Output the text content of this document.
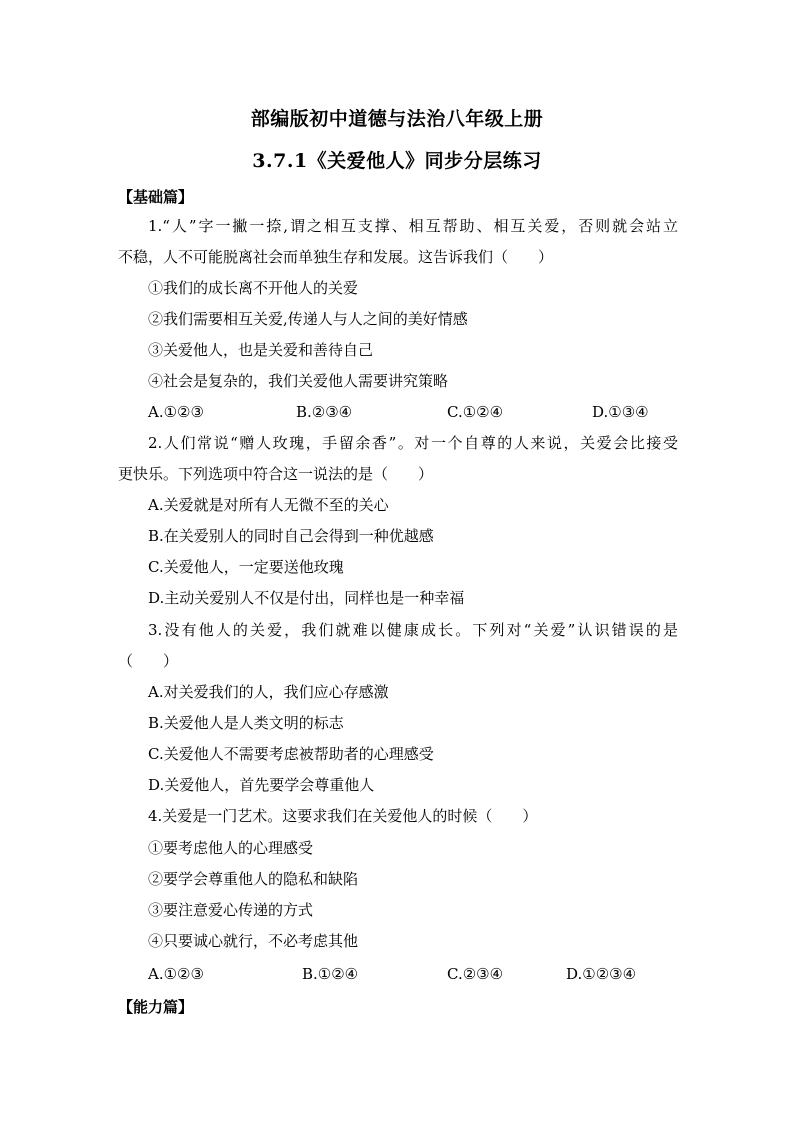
部编版初中道德与法治八年级上册
3.7.1《关爱他人》同步分层练习
【基础篇】
1.“人”字一撇一捺,谓之相互支撑、相互帮助、相互关爱，否则就会站立
不稳，人不可能脱离社会而单独生存和发展。这告诉我们（　　）
①我们的成长离不开他人的关爱
②我们需要相互关爱,传递人与人之间的美好情感
③关爱他人，也是关爱和善待自己
④社会是复杂的，我们关爱他人需要讲究策略
A.①②③	B.②③④	C.①②④	D.①③④
2.人们常说“赠人玫瑰，手留余香”。对一个自尊的人来说，关爱会比接受
更快乐。下列选项中符合这一说法的是（　　）
A.关爱就是对所有人无微不至的关心
B.在关爱别人的同时自己会得到一种优越感
C.关爱他人，一定要送他玫瑰
D.主动关爱别人不仅是付出，同样也是一种幸福
3.没有他人的关爱，我们就难以健康成长。下列对“关爱”认识错误的是
（　　）
A.对关爱我们的人，我们应心存感激
B.关爱他人是人类文明的标志
C.关爱他人不需要考虑被帮助者的心理感受
D.关爱他人，首先要学会尊重他人
4.关爱是一门艺术。这要求我们在关爱他人的时候（　　）
①要考虑他人的心理感受
②要学会尊重他人的隐私和缺陷
③要注意爱心传递的方式
④只要诚心就行，不必考虑其他
A.①②③	B.①②④	C.②③④	D.①②③④
【能力篇】
